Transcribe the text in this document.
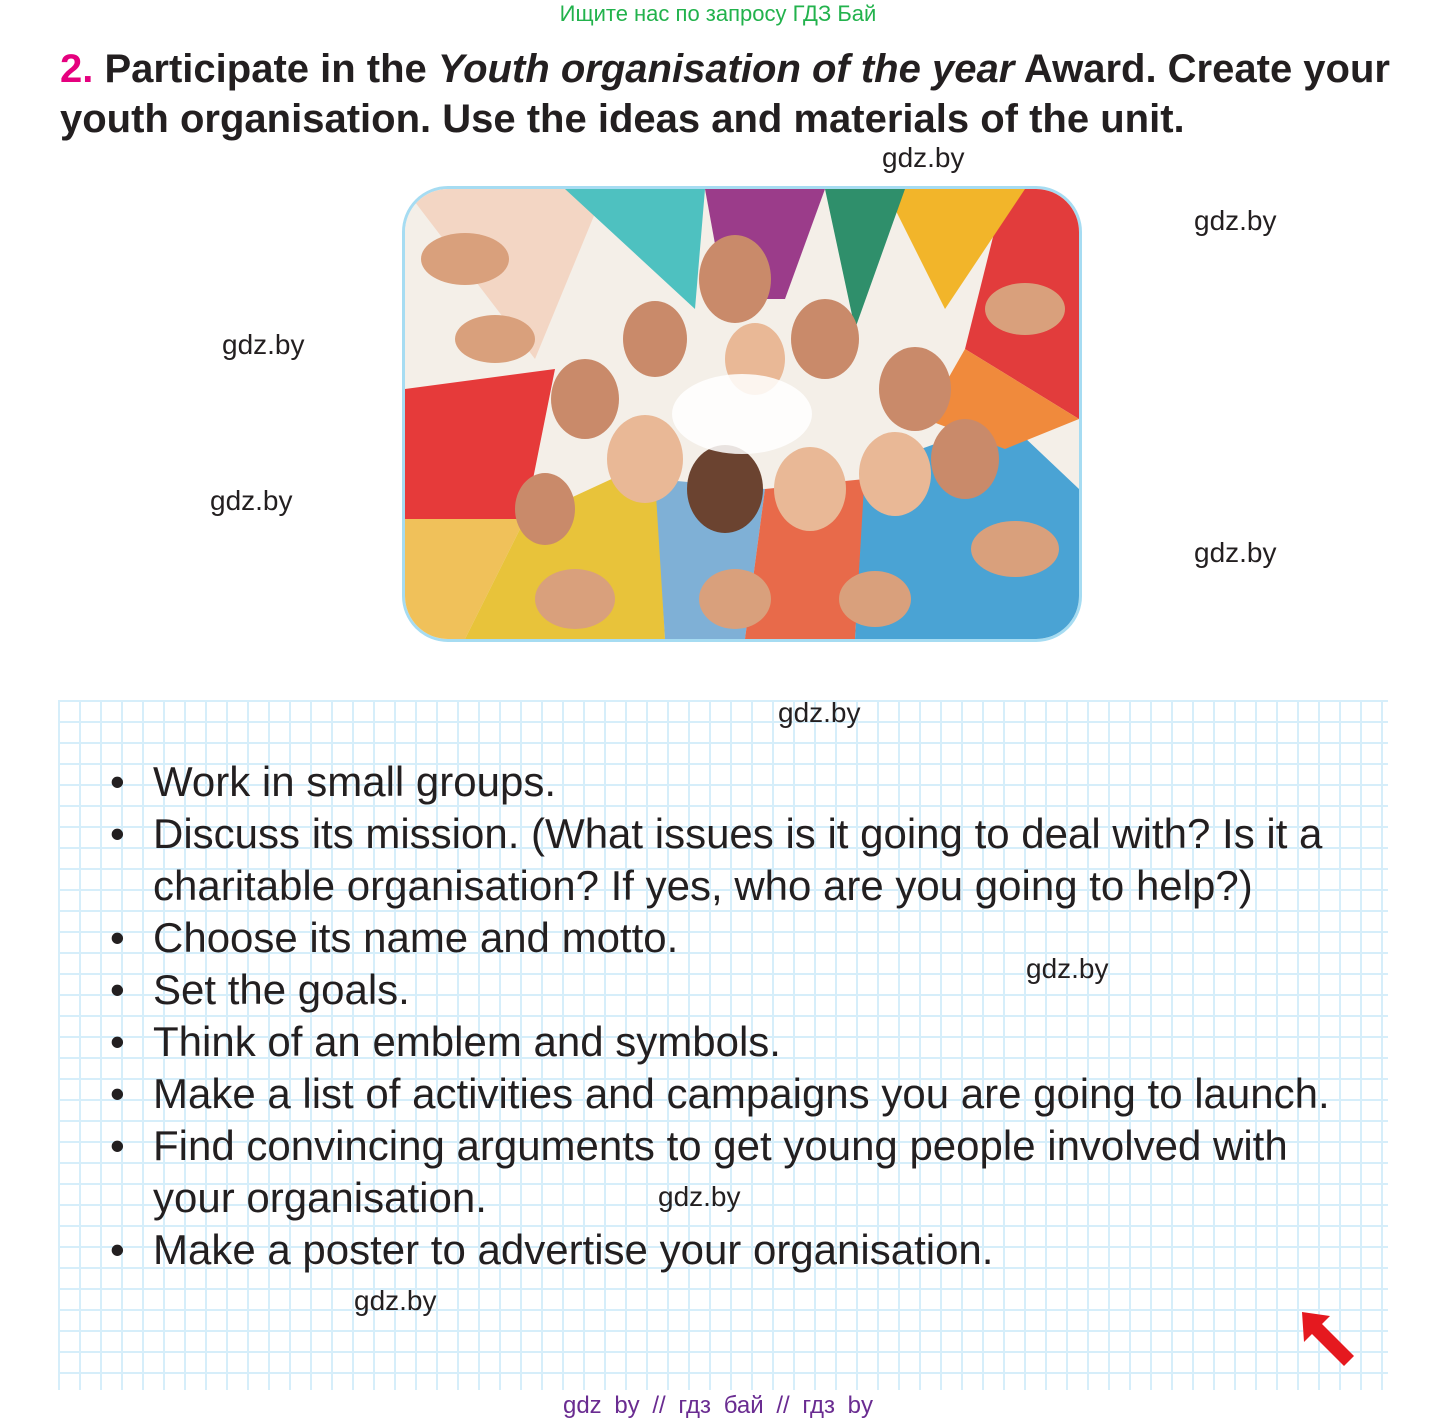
Ищите нас по запросу ГДЗ Бай
2. Participate in the Youth organisation of the year Award. Create your youth organisation. Use the ideas and materials of the unit.
gdz.by
gdz.by
gdz.by
gdz.by
gdz.by
gdz.by
• Work in small groups.
• Discuss its mission. (What issues is it going to deal with? Is it a charitable organisation? If yes, who are you going to help?)
• Choose its name and motto.
• Set the goals.
• Think of an emblem and symbols.
• Make a list of activities and campaigns you are going to launch.
• Find convincing arguments to get young people involved with your organisation.
• Make a poster to advertise your organisation.
gdz.by
gdz.by
gdz.by
gdz by // гдз бай // гдз by
